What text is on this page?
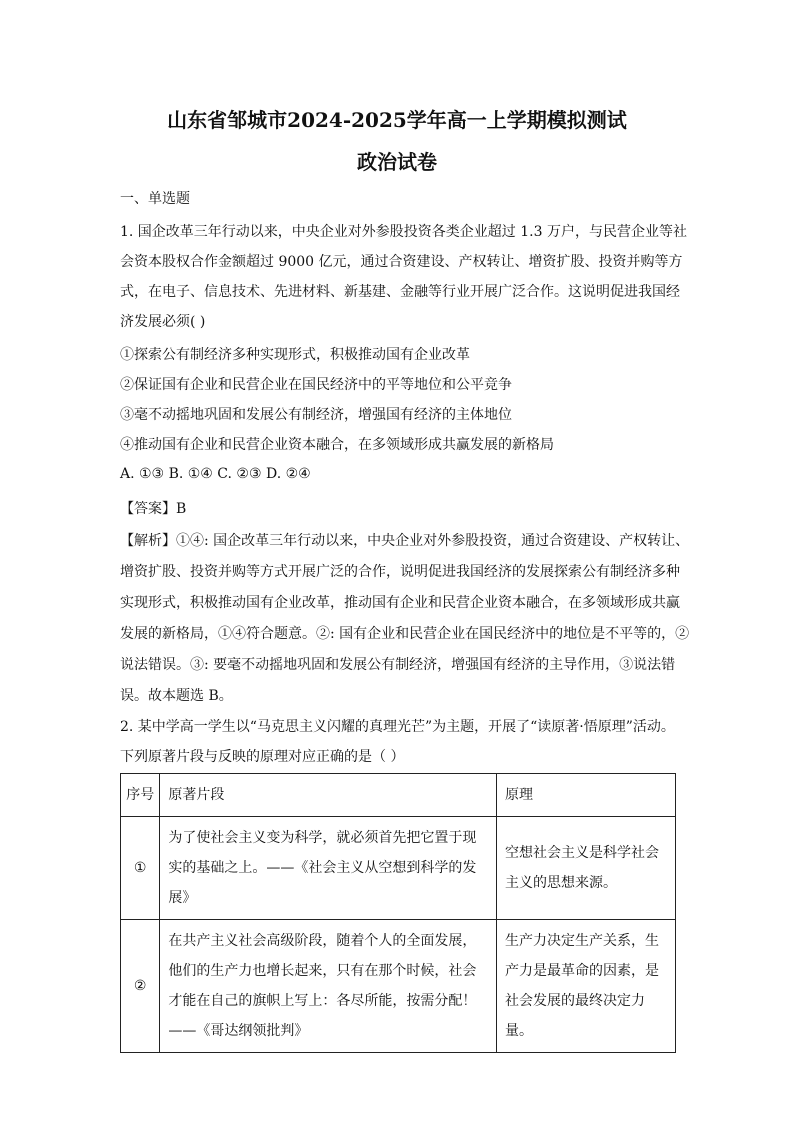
山东省邹城市2024-2025学年高一上学期模拟测试
政治试卷
一、单选题
1. 国企改革三年行动以来，中央企业对外参股投资各类企业超过 1.3 万户，与民营企业等社
会资本股权合作金额超过 9000 亿元，通过合资建设、产权转让、增资扩股、投资并购等方
式，在电子、信息技术、先进材料、新基建、金融等行业开展广泛合作。这说明促进我国经
济发展必须( )
①探索公有制经济多种实现形式，积极推动国有企业改革
②保证国有企业和民营企业在国民经济中的平等地位和公平竞争
③毫不动摇地巩固和发展公有制经济，增强国有经济的主体地位
④推动国有企业和民营企业资本融合，在多领域形成共赢发展的新格局
A. ①③ B. ①④ C. ②③ D. ②④
【答案】B
【解析】①④: 国企改革三年行动以来，中央企业对外参股投资，通过合资建设、产权转让、
增资扩股、投资并购等方式开展广泛的合作，说明促进我国经济的发展探索公有制经济多种
实现形式，积极推动国有企业改革，推动国有企业和民营企业资本融合，在多领域形成共赢
发展的新格局，①④符合题意。②: 国有企业和民营企业在国民经济中的地位是不平等的，②
说法错误。③: 要毫不动摇地巩固和发展公有制经济，增强国有经济的主导作用，③说法错
误。故本题选 B。
2. 某中学高一学生以“马克思主义闪耀的真理光芒”为主题，开展了“读原著·悟原理”活动。
下列原著片段与反映的原理对应正确的是（ ）
序号	原著片段	原理
①	为了使社会主义变为科学，就必须首先把它置于现实的基础之上。——《社会主义从空想到科学的发展》	空想社会主义是科学社会主义的思想来源。
②	在共产主义社会高级阶段，随着个人的全面发展，他们的生产力也增长起来，只有在那个时候，社会才能在自己的旗帜上写上：各尽所能，按需分配！——《哥达纲领批判》	生产力决定生产关系，生产力是最革命的因素，是社会发展的最终决定力量。
